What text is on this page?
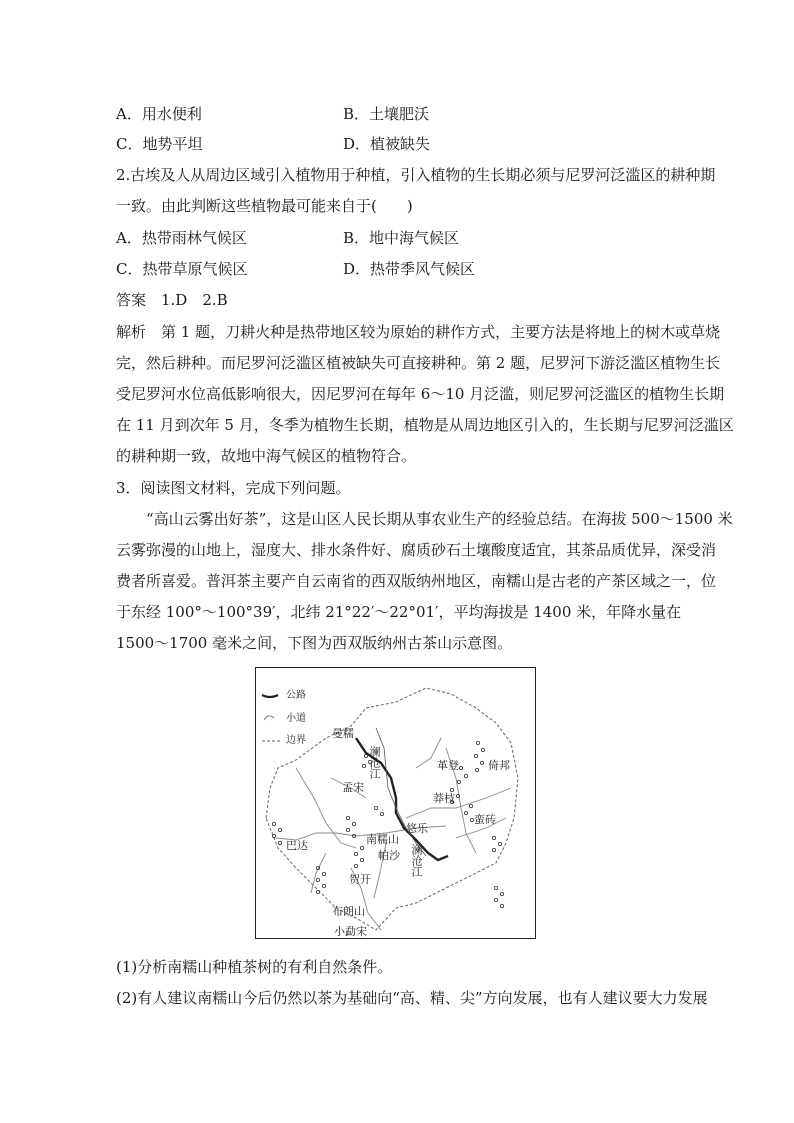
A．用水便利	B．土壤肥沃
C．地势平坦	D．植被缺失
2.古埃及人从周边区域引入植物用于种植，引入植物的生长期必须与尼罗河泛滥区的耕种期
一致。由此判断这些植物最可能来自于(　　)
A．热带雨林气候区	B．地中海气候区
C．热带草原气候区	D．热带季风气候区
答案　1.D　2.B
解析　第 1 题，刀耕火种是热带地区较为原始的耕作方式，主要方法是将地上的树木或草烧
完，然后耕种。而尼罗河泛滥区植被缺失可直接耕种。第 2 题，尼罗河下游泛滥区植物生长
受尼罗河水位高低影响很大，因尼罗河在每年 6～10 月泛滥，则尼罗河泛滥区的植物生长期
在 11 月到次年 5 月，冬季为植物生长期，植物是从周边地区引入的，生长期与尼罗河泛滥区
的耕种期一致，故地中海气候区的植物符合。
3．阅读图文材料，完成下列问题。
　　“高山云雾出好茶”，这是山区人民长期从事农业生产的经验总结。在海拔 500～1500 米
云雾弥漫的山地上，湿度大、排水条件好、腐质砂石土壤酸度适宜，其茶品质优异，深受消
费者所喜爱。普洱茶主要产自云南省的西双版纳州地区，南糯山是古老的产茶区域之一，位
于东经 100°～100°39′，北纬 21°22′～22°01′，平均海拔是 1400 米，年降水量在
1500～1700 毫米之间，下图为西双版纳州古茶山示意图。
公路
小道
边界
曼糯
澜沧江
孟宋
革登	倚邦
莽枝
蛮砖
悠乐
巴达	南糯山
帕沙 澜沧江
贺开
布朗山
小勐宋
(1)分析南糯山种植茶树的有利自然条件。
(2)有人建议南糯山今后仍然以茶为基础向“高、精、尖”方向发展，也有人建议要大力发展
